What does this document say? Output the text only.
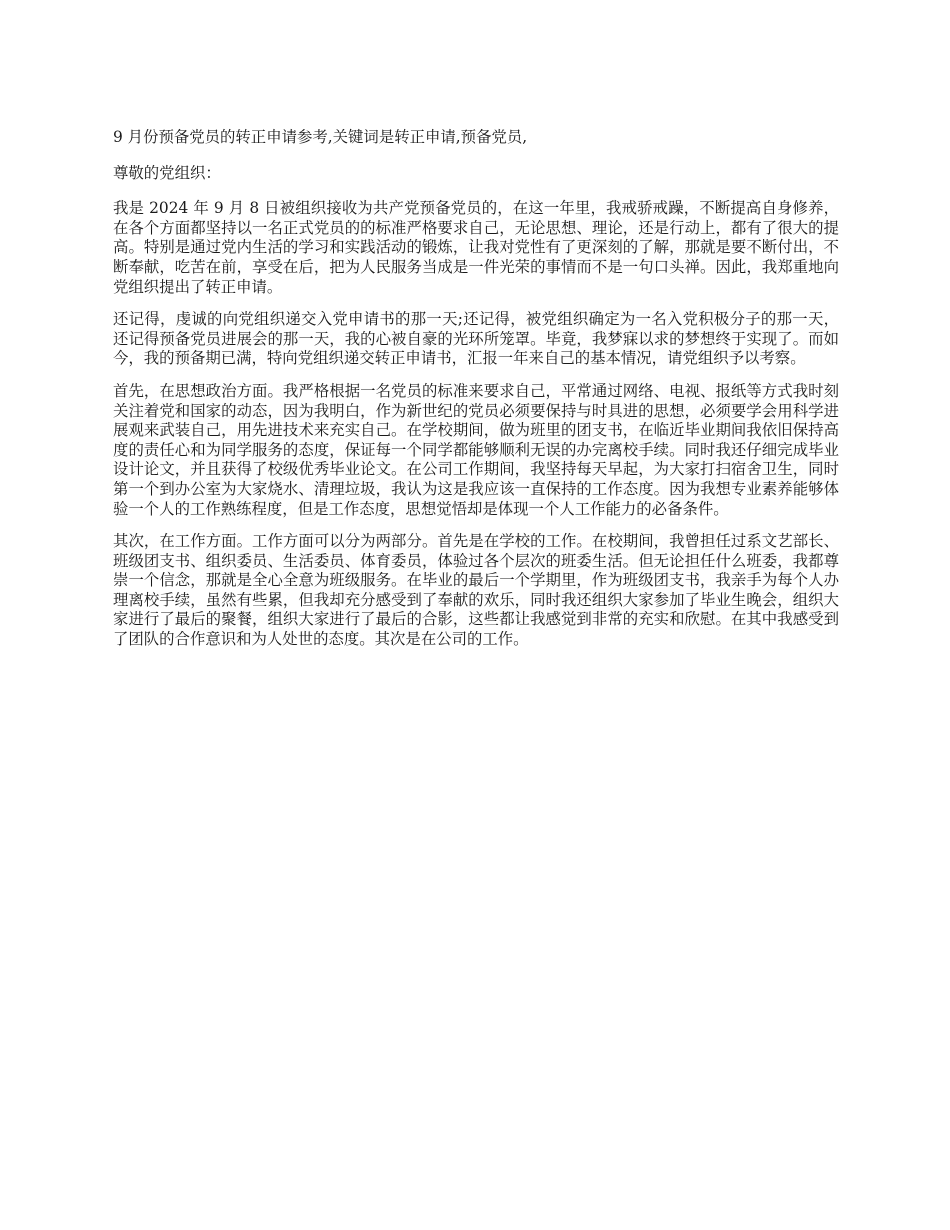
9 月份预备党员的转正申请参考,关键词是转正申请,预备党员,

尊敬的党组织：

我是 2024 年 9 月 8 日被组织接收为共产党预备党员的，在这一年里，我戒骄戒躁，不断提高自身修养，在各个方面都坚持以一名正式党员的的标准严格要求自己，无论思想、理论，还是行动上，都有了很大的提高。特别是通过党内生活的学习和实践活动的锻炼，让我对党性有了更深刻的了解，那就是要不断付出，不断奉献，吃苦在前，享受在后，把为人民服务当成是一件光荣的事情而不是一句口头禅。因此，我郑重地向党组织提出了转正申请。

还记得，虔诚的向党组织递交入党申请书的那一天;还记得，被党组织确定为一名入党积极分子的那一天，还记得预备党员进展会的那一天，我的心被自豪的光环所笼罩。毕竟，我梦寐以求的梦想终于实现了。而如今，我的预备期已满，特向党组织递交转正申请书，汇报一年来自己的基本情况，请党组织予以考察。

首先，在思想政治方面。我严格根据一名党员的标准来要求自己，平常通过网络、电视、报纸等方式我时刻关注着党和国家的动态，因为我明白，作为新世纪的党员必须要保持与时具进的思想，必须要学会用科学进展观来武装自己，用先进技术来充实自己。在学校期间，做为班里的团支书，在临近毕业期间我依旧保持高度的责任心和为同学服务的态度，保证每一个同学都能够顺利无误的办完离校手续。同时我还仔细完成毕业设计论文，并且获得了校级优秀毕业论文。在公司工作期间，我坚持每天早起，为大家打扫宿舍卫生，同时第一个到办公室为大家烧水、清理垃圾，我认为这是我应该一直保持的工作态度。因为我想专业素养能够体验一个人的工作熟练程度，但是工作态度，思想觉悟却是体现一个人工作能力的必备条件。

其次，在工作方面。工作方面可以分为两部分。首先是在学校的工作。在校期间，我曾担任过系文艺部长、班级团支书、组织委员、生活委员、体育委员，体验过各个层次的班委生活。但无论担任什么班委，我都尊崇一个信念，那就是全心全意为班级服务。在毕业的最后一个学期里，作为班级团支书，我亲手为每个人办理离校手续，虽然有些累，但我却充分感受到了奉献的欢乐，同时我还组织大家参加了毕业生晚会，组织大家进行了最后的聚餐，组织大家进行了最后的合影，这些都让我感觉到非常的充实和欣慰。在其中我感受到了团队的合作意识和为人处世的态度。其次是在公司的工作。
